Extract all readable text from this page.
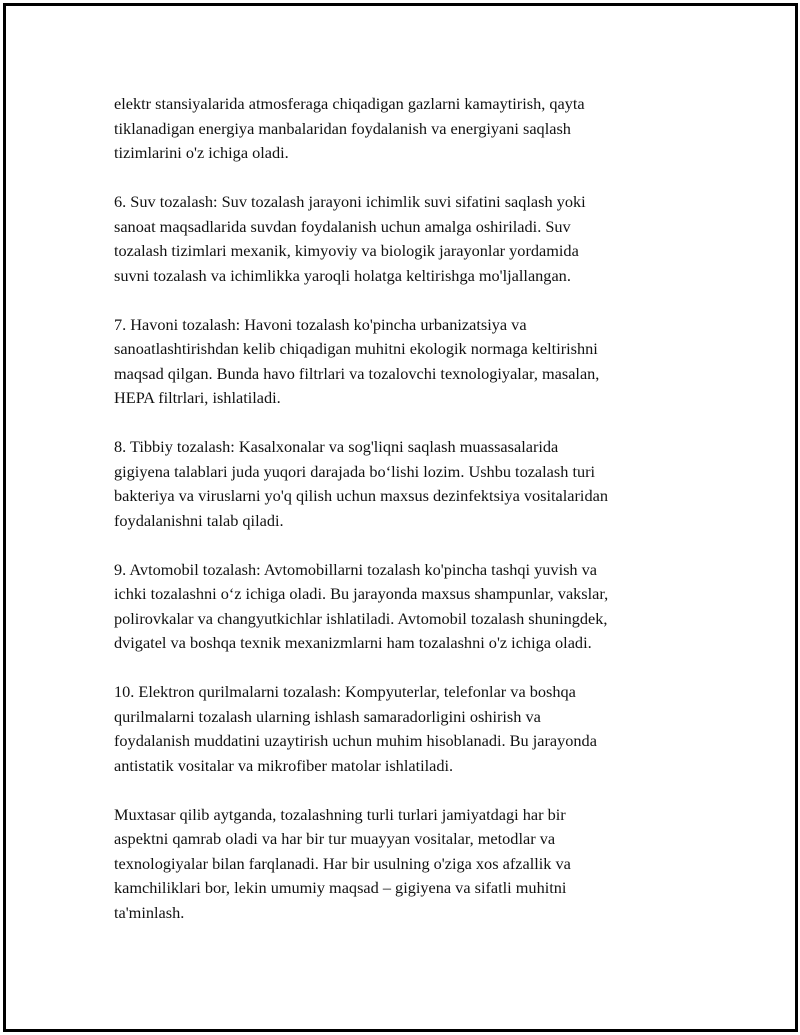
elektr stansiyalarida atmosferaga chiqadigan gazlarni kamaytirish, qayta
tiklanadigan energiya manbalaridan foydalanish va energiyani saqlash
tizimlarini o'z ichiga oladi.

6. Suv tozalash: Suv tozalash jarayoni ichimlik suvi sifatini saqlash yoki
sanoat maqsadlarida suvdan foydalanish uchun amalga oshiriladi. Suv
tozalash tizimlari mexanik, kimyoviy va biologik jarayonlar yordamida
suvni tozalash va ichimlikka yaroqli holatga keltirishga mo'ljallangan.

7. Havoni tozalash: Havoni tozalash ko'pincha urbanizatsiya va
sanoatlashtirishdan kelib chiqadigan muhitni ekologik normaga keltirishni
maqsad qilgan. Bunda havo filtrlari va tozalovchi texnologiyalar, masalan,
HEPA filtrlari, ishlatiladi.

8. Tibbiy tozalash: Kasalxonalar va sog'liqni saqlash muassasalarida
gigiyena talablari juda yuqori darajada bo‘lishi lozim. Ushbu tozalash turi
bakteriya va viruslarni yo'q qilish uchun maxsus dezinfektsiya vositalaridan
foydalanishni talab qiladi.

9. Avtomobil tozalash: Avtomobillarni tozalash ko'pincha tashqi yuvish va
ichki tozalashni o‘z ichiga oladi. Bu jarayonda maxsus shampunlar, vakslar,
polirovkalar va changyutkichlar ishlatiladi. Avtomobil tozalash shuningdek,
dvigatel va boshqa texnik mexanizmlarni ham tozalashni o'z ichiga oladi.

10. Elektron qurilmalarni tozalash: Kompyuterlar, telefonlar va boshqa
qurilmalarni tozalash ularning ishlash samaradorligini oshirish va
foydalanish muddatini uzaytirish uchun muhim hisoblanadi. Bu jarayonda
antistatik vositalar va mikrofiber matolar ishlatiladi.

Muxtasar qilib aytganda, tozalashning turli turlari jamiyatdagi har bir
aspektni qamrab oladi va har bir tur muayyan vositalar, metodlar va
texnologiyalar bilan farqlanadi. Har bir usulning o'ziga xos afzallik va
kamchiliklari bor, lekin umumiy maqsad – gigiyena va sifatli muhitni
ta'minlash.
